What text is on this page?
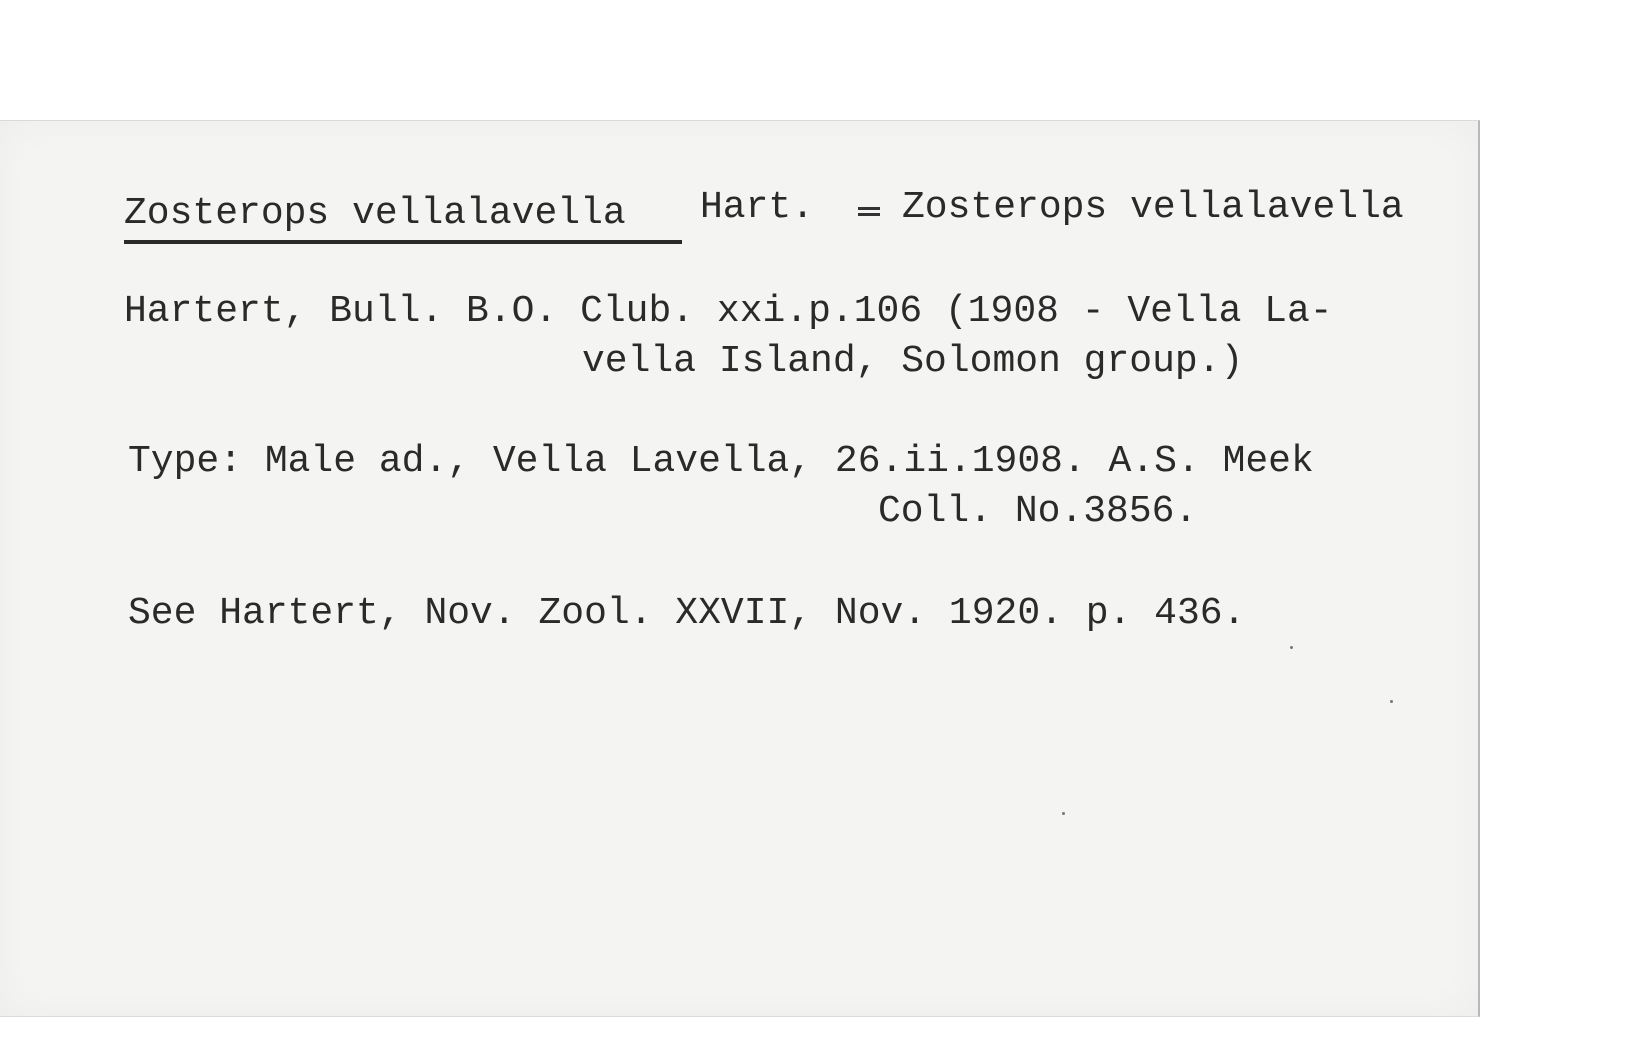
Zosterops vellalavella Hart. Zosterops vellalavella
Hartert, Bull. B.O. Club. xxi.p.106 (1908 - Vella La-
vella Island, Solomon group.)
Type: Male ad., Vella Lavella, 26.ii.1908. A.S. Meek
Coll. No.3856.
See Hartert, Nov. Zool. XXVII, Nov. 1920. p. 436.
